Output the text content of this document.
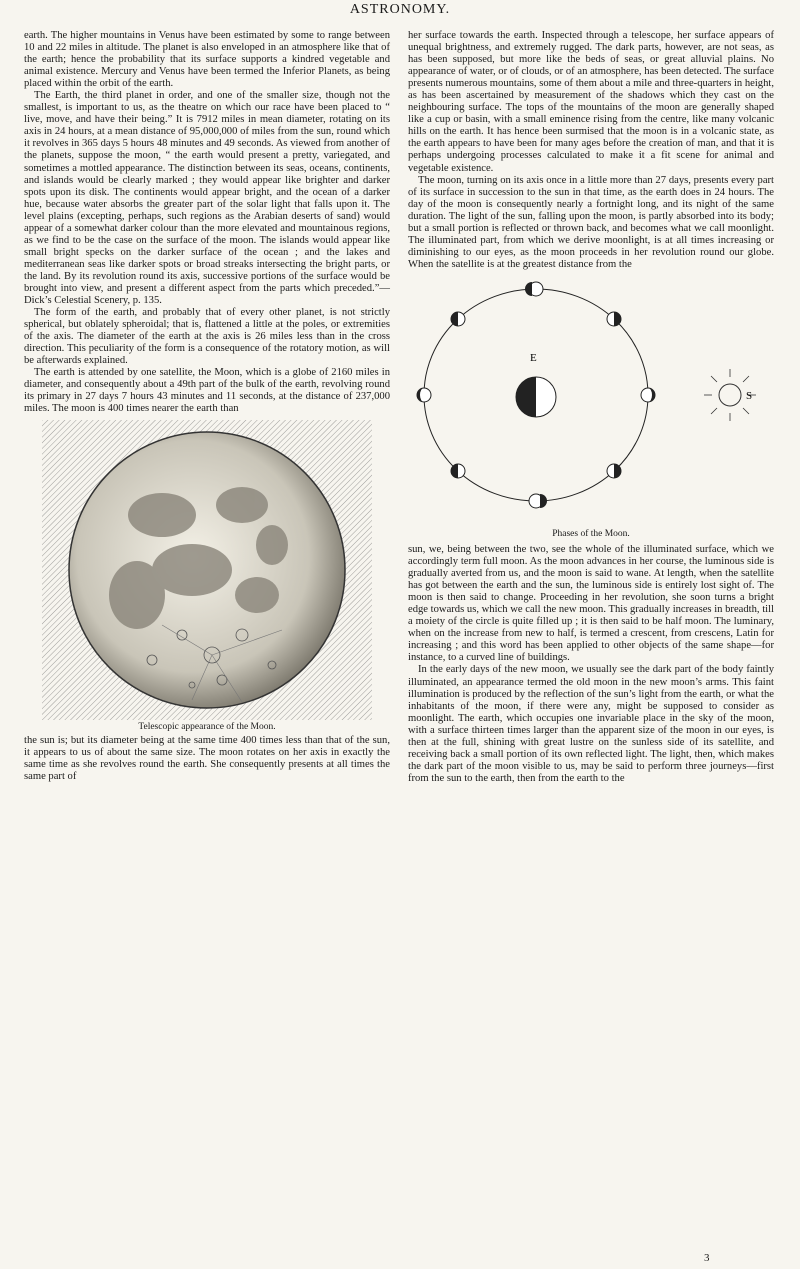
ASTRONOMY.

earth. The higher mountains in Venus have been estimated by some to range between 10 and 22 miles in altitude. The planet is also enveloped in an atmosphere like that of the earth; hence the probability that its surface supports a kindred vegetable and animal existence. Mercury and Venus have been termed the Inferior Planets, as being placed within the orbit of the earth.

The Earth, the third planet in order, and one of the smaller size, though not the smallest, is important to us, as the theatre on which our race have been placed to “ live, move, and have their being.” It is 7912 miles in mean diameter, rotating on its axis in 24 hours, at a mean distance of 95,000,000 of miles from the sun, round which it revolves in 365 days 5 hours 48 minutes and 49 seconds. As viewed from another of the planets, suppose the moon, “ the earth would present a pretty, variegated, and sometimes a mottled appearance. The distinction between its seas, oceans, continents, and islands would be clearly marked ; they would appear like brighter and darker spots upon its disk. The continents would appear bright, and the ocean of a darker hue, because water absorbs the greater part of the solar light that falls upon it. The level plains (excepting, perhaps, such regions as the Arabian deserts of sand) would appear of a somewhat darker colour than the more elevated and mountainous regions, as we find to be the case on the surface of the moon. The islands would appear like small bright specks on the darker surface of the ocean ; and the lakes and mediterranean seas like darker spots or broad streaks intersecting the bright parts, or the land. By its revolution round its axis, successive portions of the surface would be brought into view, and present a different aspect from the parts which preceded.”—Dick’s Celestial Scenery, p. 135.

The form of the earth, and probably that of every other planet, is not strictly spherical, but oblately spheroidal; that is, flattened a little at the poles, or extremities of the axis. The diameter of the earth at the axis is 26 miles less than in the cross direction. This peculiarity of the form is a consequence of the rotatory motion, as will be afterwards explained.

The earth is attended by one satellite, the Moon, which is a globe of 2160 miles in diameter, and consequently about a 49th part of the bulk of the earth, revolving round its primary in 27 days 7 hours 43 minutes and 11 seconds, at the distance of 237,000 miles. The moon is 400 times nearer the earth than

Telescopic appearance of the Moon.

the sun is; but its diameter being at the same time 400 times less than that of the sun, it appears to us of about the same size. The moon rotates on her axis in exactly the same time as she revolves round the earth. She consequently presents at all times the same part of

her surface towards the earth. Inspected through a telescope, her surface appears of unequal brightness, and extremely rugged. The dark parts, however, are not seas, as has been supposed, but more like the beds of seas, or great alluvial plains. No appearance of water, or of clouds, or of an atmosphere, has been detected. The surface presents numerous mountains, some of them about a mile and three-quarters in height, as has been ascertained by measurement of the shadows which they cast on the neighbouring surface. The tops of the mountains of the moon are generally shaped like a cup or basin, with a small eminence rising from the centre, like many volcanic hills on the earth. It has hence been surmised that the moon is in a volcanic state, as the earth appears to have been for many ages before the creation of man, and that it is perhaps undergoing processes calculated to make it a fit scene for animal and vegetable existence.

The moon, turning on its axis once in a little more than 27 days, presents every part of its surface in succession to the sun in that time, as the earth does in 24 hours. The day of the moon is consequently nearly a fortnight long, and its night of the same duration. The light of the sun, falling upon the moon, is partly absorbed into its body; but a small portion is reflected or thrown back, and becomes what we call moonlight. The illuminated part, from which we derive moonlight, is at all times increasing or diminishing to our eyes, as the moon proceeds in her revolution round our globe. When the satellite is at the greatest distance from the

E
S
Phases of the Moon.

sun, we, being between the two, see the whole of the illuminated surface, which we accordingly term full moon. As the moon advances in her course, the luminous side is gradually averted from us, and the moon is said to wane. At length, when the satellite has got between the earth and the sun, the luminous side is entirely lost sight of. The moon is then said to change. Proceeding in her revolution, she soon turns a bright edge towards us, which we call the new moon. This gradually increases in breadth, till a moiety of the circle is quite filled up ; it is then said to be half moon. The luminary, when on the increase from new to half, is termed a crescent, from crescens, Latin for increasing ; and this word has been applied to other objects of the same shape—for instance, to a curved line of buildings.

In the early days of the new moon, we usually see the dark part of the body faintly illuminated, an appearance termed the old moon in the new moon’s arms. This faint illumination is produced by the reflection of the sun’s light from the earth, or what the inhabitants of the moon, if there were any, might be supposed to consider as moonlight. The earth, which occupies one invariable place in the sky of the moon, with a surface thirteen times larger than the apparent size of the moon in our eyes, is then at the full, shining with great lustre on the sunless side of its satellite, and receiving back a small portion of its own reflected light. The light, then, which makes the dark part of the moon visible to us, may be said to perform three journeys—first from the sun to the earth, then from the earth to the

3
